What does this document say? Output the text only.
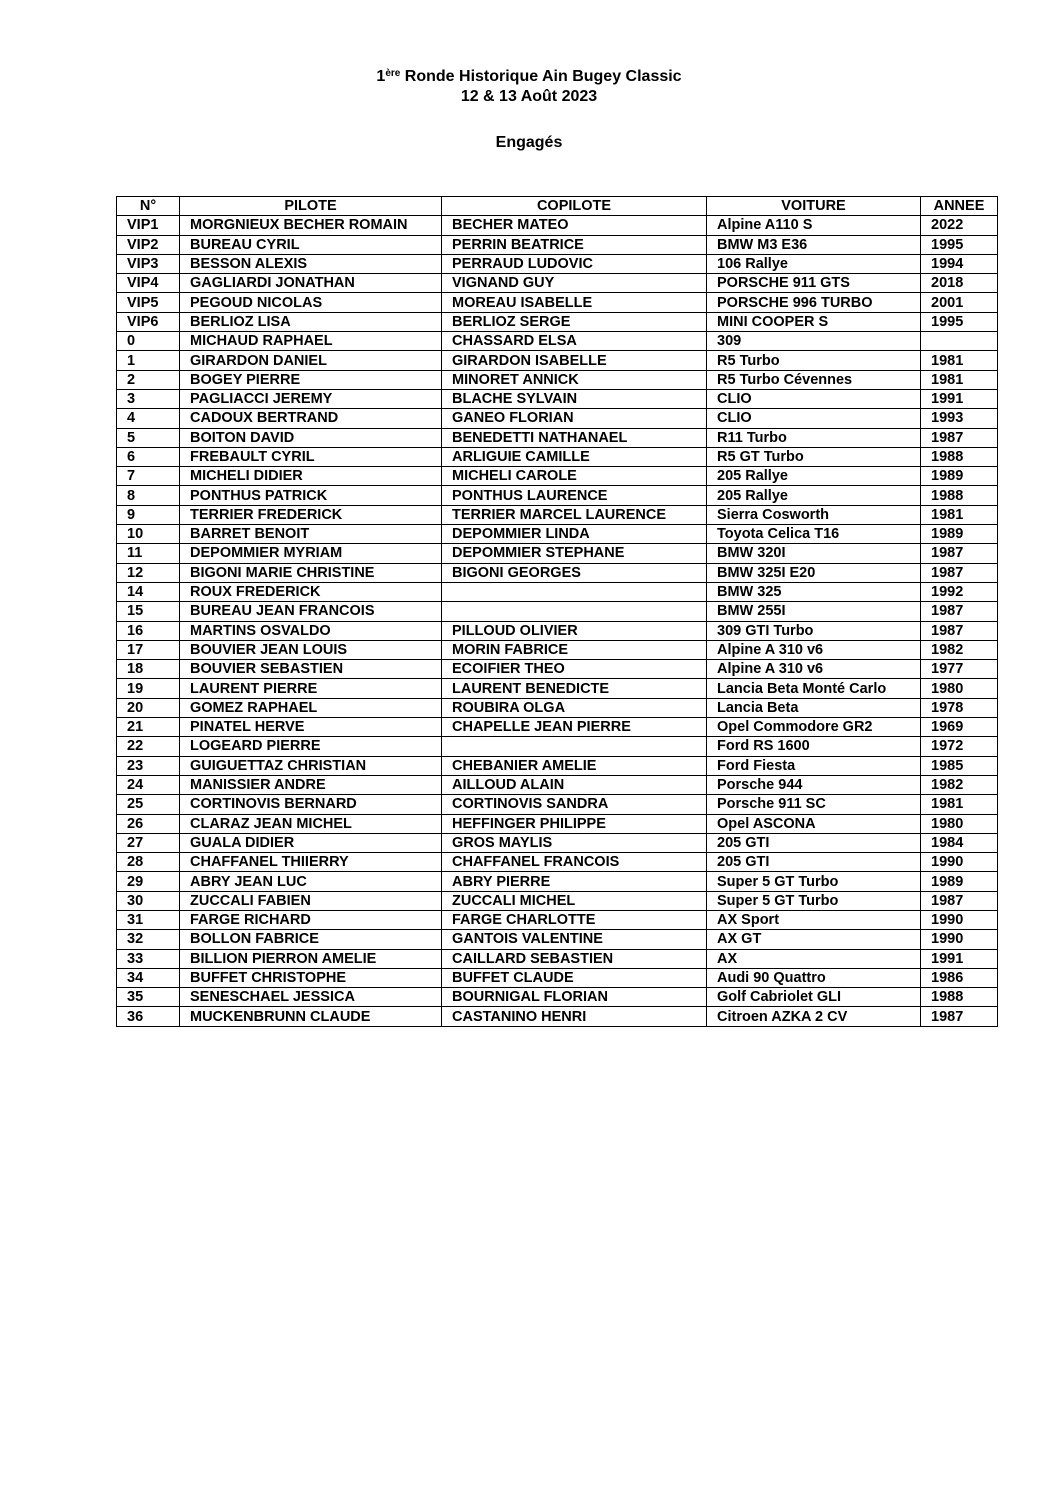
1ère Ronde Historique Ain Bugey Classic
12 & 13 Août 2023
Engagés
N°	PILOTE	COPILOTE	VOITURE	ANNEE
VIP1	MORGNIEUX BECHER ROMAIN	BECHER MATEO	Alpine A110 S	2022
VIP2	BUREAU CYRIL	PERRIN BEATRICE	BMW M3 E36	1995
VIP3	BESSON ALEXIS	PERRAUD LUDOVIC	106 Rallye	1994
VIP4	GAGLIARDI JONATHAN	VIGNAND GUY	PORSCHE 911 GTS	2018
VIP5	PEGOUD NICOLAS	MOREAU ISABELLE	PORSCHE 996 TURBO	2001
VIP6	BERLIOZ LISA	BERLIOZ SERGE	MINI COOPER S	1995
0	MICHAUD RAPHAEL	CHASSARD ELSA	309	
1	GIRARDON DANIEL	GIRARDON ISABELLE	R5 Turbo	1981
2	BOGEY PIERRE	MINORET ANNICK	R5 Turbo Cévennes	1981
3	PAGLIACCI JEREMY	BLACHE SYLVAIN	CLIO	1991
4	CADOUX BERTRAND	GANEO FLORIAN	CLIO	1993
5	BOITON DAVID	BENEDETTI NATHANAEL	R11 Turbo	1987
6	FREBAULT CYRIL	ARLIGUIE CAMILLE	R5 GT Turbo	1988
7	MICHELI DIDIER	MICHELI CAROLE	205 Rallye	1989
8	PONTHUS PATRICK	PONTHUS LAURENCE	205 Rallye	1988
9	TERRIER FREDERICK	TERRIER MARCEL LAURENCE	Sierra Cosworth	1981
10	BARRET BENOIT	DEPOMMIER LINDA	Toyota Celica T16	1989
11	DEPOMMIER MYRIAM	DEPOMMIER STEPHANE	BMW 320I	1987
12	BIGONI MARIE CHRISTINE	BIGONI GEORGES	BMW 325I E20	1987
14	ROUX FREDERICK		BMW 325	1992
15	BUREAU JEAN FRANCOIS		BMW 255I	1987
16	MARTINS OSVALDO	PILLOUD OLIVIER	309 GTI Turbo	1987
17	BOUVIER JEAN LOUIS	MORIN FABRICE	Alpine A 310 v6	1982
18	BOUVIER SEBASTIEN	ECOIFIER THEO	Alpine A 310 v6	1977
19	LAURENT PIERRE	LAURENT BENEDICTE	Lancia Beta Monté Carlo	1980
20	GOMEZ RAPHAEL	ROUBIRA OLGA	Lancia Beta	1978
21	PINATEL HERVE	CHAPELLE JEAN PIERRE	Opel Commodore GR2	1969
22	LOGEARD PIERRE		Ford RS 1600	1972
23	GUIGUETTAZ CHRISTIAN	CHEBANIER AMELIE	Ford Fiesta	1985
24	MANISSIER ANDRE	AILLOUD ALAIN	Porsche 944	1982
25	CORTINOVIS BERNARD	CORTINOVIS SANDRA	Porsche 911 SC	1981
26	CLARAZ JEAN MICHEL	HEFFINGER PHILIPPE	Opel ASCONA	1980
27	GUALA DIDIER	GROS MAYLIS	205 GTI	1984
28	CHAFFANEL THIIERRY	CHAFFANEL FRANCOIS	205 GTI	1990
29	ABRY JEAN LUC	ABRY PIERRE	Super 5 GT Turbo	1989
30	ZUCCALI FABIEN	ZUCCALI MICHEL	Super 5 GT Turbo	1987
31	FARGE RICHARD	FARGE CHARLOTTE	AX Sport	1990
32	BOLLON FABRICE	GANTOIS VALENTINE	AX GT	1990
33	BILLION PIERRON AMELIE	CAILLARD SEBASTIEN	AX	1991
34	BUFFET CHRISTOPHE	BUFFET CLAUDE	Audi 90 Quattro	1986
35	SENESCHAEL JESSICA	BOURNIGAL FLORIAN	Golf Cabriolet GLI	1988
36	MUCKENBRUNN CLAUDE	CASTANINO HENRI	Citroen AZKA 2 CV	1987
